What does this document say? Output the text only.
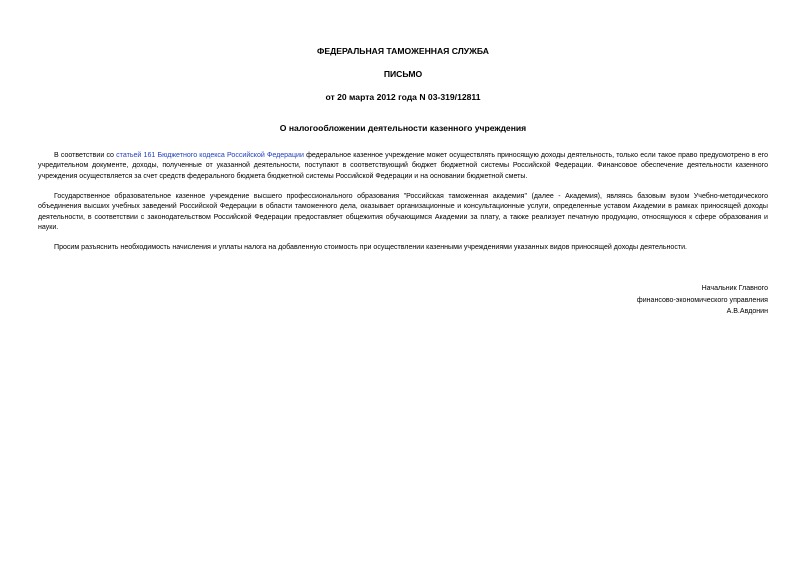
ФЕДЕРАЛЬНАЯ ТАМОЖЕННАЯ СЛУЖБА
ПИСЬМО
от 20 марта 2012 года N 03-319/12811
О налогообложении деятельности казенного учреждения

В соответствии со статьей 161 Бюджетного кодекса Российской Федерации федеральное казенное учреждение может осуществлять приносящую доходы деятельность, только если такое право предусмотрено в его учредительном документе, доходы, полученные от указанной деятельности, поступают в соответствующий бюджет бюджетной системы Российской Федерации. Финансовое обеспечение деятельности казенного учреждения осуществляется за счет средств федерального бюджета бюджетной системы Российской Федерации и на основании бюджетной сметы.

Государственное образовательное казенное учреждение высшего профессионального образования "Российская таможенная академия" (далее - Академия), являясь базовым вузом Учебно-методического объединения высших учебных заведений Российской Федерации в области таможенного дела, оказывает организационные и консультационные услуги, определенные уставом Академии в рамках приносящей доходы деятельности, в соответствии с законодательством Российской Федерации предоставляет общежития обучающимся Академии за плату, а также реализует печатную продукцию, относящуюся к сфере образования и науки.

Просим разъяснить необходимость начисления и уплаты налога на добавленную стоимость при осуществлении казенными учреждениями указанных видов приносящей доходы деятельности.

Начальник Главного
финансово-экономического управления
А.В.Авдонин
